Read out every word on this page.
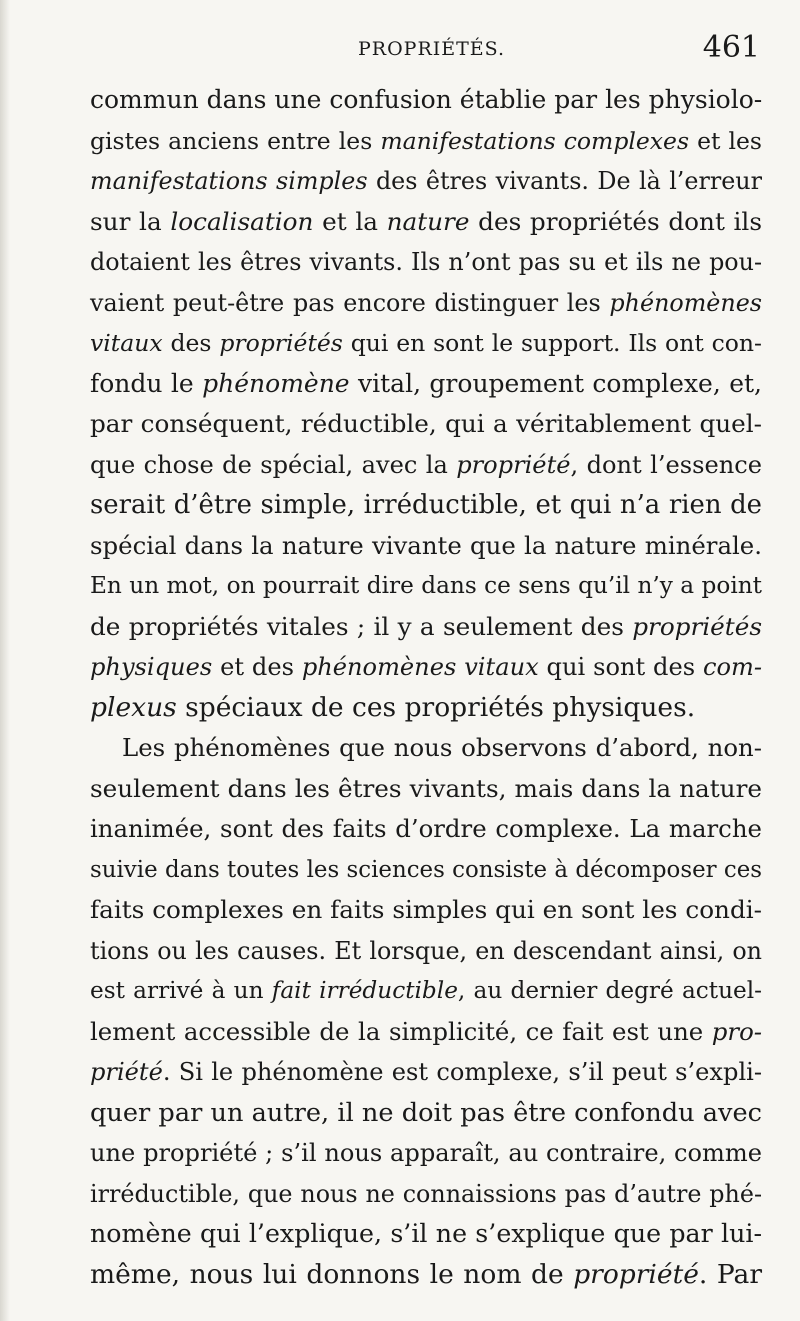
PROPRIÉTÉS.	461
commun dans une confusion établie par les physiolo-
gistes anciens entre les manifestations complexes et les
manifestations simples des êtres vivants. De là l’erreur
sur la localisation et la nature des propriétés dont ils
dotaient les êtres vivants. Ils n’ont pas su et ils ne pou-
vaient peut-être pas encore distinguer les phénomènes
vitaux des propriétés qui en sont le support. Ils ont con-
fondu le phénomène vital, groupement complexe, et,
par conséquent, réductible, qui a véritablement quel-
que chose de spécial, avec la propriété, dont l’essence
serait d’être simple, irréductible, et qui n’a rien de
spécial dans la nature vivante que la nature minérale.
En un mot, on pourrait dire dans ce sens qu’il n’y a point
de propriétés vitales ; il y a seulement des propriétés
physiques et des phénomènes vitaux qui sont des com-
plexus spéciaux de ces propriétés physiques.
Les phénomènes que nous observons d’abord, non-
seulement dans les êtres vivants, mais dans la nature
inanimée, sont des faits d’ordre complexe. La marche
suivie dans toutes les sciences consiste à décomposer ces
faits complexes en faits simples qui en sont les condi-
tions ou les causes. Et lorsque, en descendant ainsi, on
est arrivé à un fait irréductible, au dernier degré actuel-
lement accessible de la simplicité, ce fait est une pro-
priété. Si le phénomène est complexe, s’il peut s’expli-
quer par un autre, il ne doit pas être confondu avec
une propriété ; s’il nous apparaît, au contraire, comme
irréductible, que nous ne connaissions pas d’autre phé-
nomène qui l’explique, s’il ne s’explique que par lui-
même, nous lui donnons le nom de propriété. Par
